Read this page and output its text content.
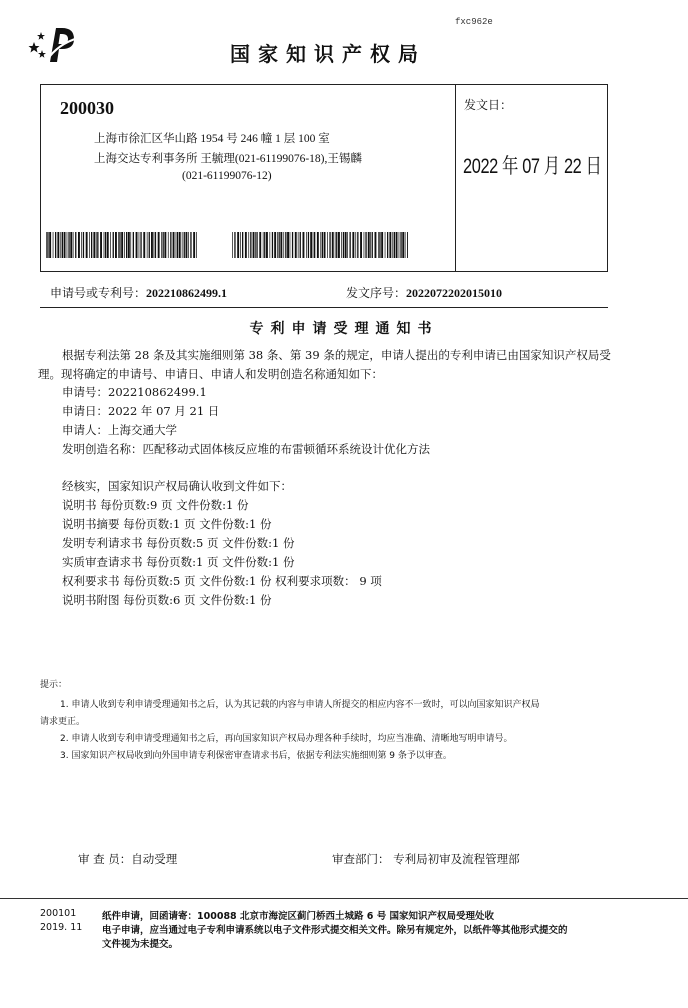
fxc962e
国家知识产权局
200030
上海市徐汇区华山路 1954 号 246 幢 1 层 100 室
上海交达专利事务所 王毓理(021-61199076-18),王锡麟
(021-61199076-12)
发文日：
2022 年 07 月 22 日
申请号或专利号：202210862499.1	发文序号：2022072202015010
专利申请受理通知书
根据专利法第 28 条及其实施细则第 38 条、第 39 条的规定，申请人提出的专利申请已由国家知识产权局受理。现将确定的申请号、申请日、申请人和发明创造名称通知如下：
申请号：202210862499.1
申请日：2022 年 07 月 21 日
申请人：上海交通大学
发明创造名称：匹配移动式固体核反应堆的布雷顿循环系统设计优化方法
经核实，国家知识产权局确认收到文件如下：
说明书 每份页数:9 页 文件份数:1 份
说明书摘要 每份页数:1 页 文件份数:1 份
发明专利请求书 每份页数:5 页 文件份数:1 份
实质审查请求书 每份页数:1 页 文件份数:1 份
权利要求书 每份页数:5 页 文件份数:1 份 权利要求项数： 9 项
说明书附图 每份页数:6 页 文件份数:1 份
提示：
1. 申请人收到专利申请受理通知书之后，认为其记载的内容与申请人所提交的相应内容不一致时，可以向国家知识产权局
请求更正。
2. 申请人收到专利申请受理通知书之后，再向国家知识产权局办理各种手续时，均应当准确、清晰地写明申请号。
3. 国家知识产权局收到向外国申请专利保密审查请求书后，依据专利法实施细则第 9 条予以审查。
审 查 员：自动受理	审查部门： 专利局初审及流程管理部
200101
2019. 11
纸件申请，回函请寄：100088 北京市海淀区蓟门桥西土城路 6 号 国家知识产权局受理处收
电子申请，应当通过电子专利申请系统以电子文件形式提交相关文件。除另有规定外，以纸件等其他形式提交的
文件视为未提交。
